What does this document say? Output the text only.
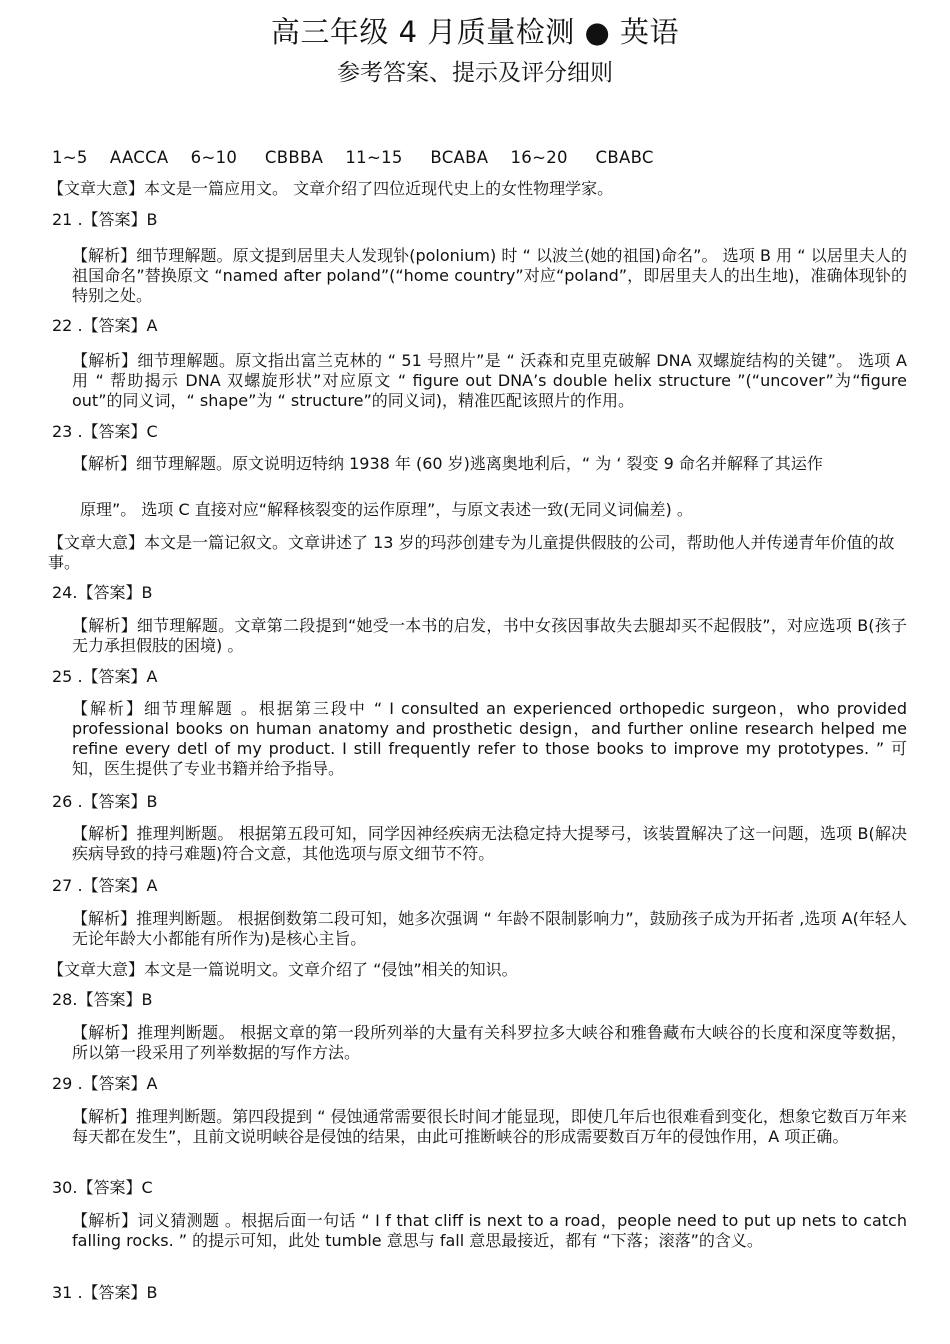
高三年级 4 月质量检测 ● 英语
参考答案、提示及评分细则
1~5    AACCA    6~10     CBBBA    11~15     BCABA    16~20     CBABC
【文章大意】本文是一篇应用文。 文章介绍了四位近现代史上的女性物理学家。
21 .【答案】B
【解析】细节理解题。原文提到居里夫人发现钋(polonium) 时 “ 以波兰(她的祖国)命名”。 选项 B 用 “ 以居里夫人的祖国命名”替换原文 “named after poland”(“home country”对应“poland”，即居里夫人的出生地)，准确体现钋的特别之处。
22 .【答案】A
【解析】细节理解题。原文指出富兰克林的 “ 51 号照片”是 “ 沃森和克里克破解 DNA 双螺旋结构的关键”。 选项 A 用 “ 帮助揭示 DNA 双螺旋形状”对应原文 “ figure out DNA’s double helix structure ”(“uncover”为“figure out”的同义词，“ shape”为 “ structure”的同义词)，精准匹配该照片的作用。
23 .【答案】C
【解析】细节理解题。原文说明迈特纳 1938 年 (60 岁)逃离奥地利后，“ 为 ‘ 裂变 9 命名并解释了其运作
原理”。 选项 C 直接对应“解释核裂变的运作原理”，与原文表述一致(无同义词偏差) 。
【文章大意】本文是一篇记叙文。文章讲述了 13 岁的玛莎创建专为儿童提供假肢的公司，帮助他人并传递青年价值的故事。
24.【答案】B
【解析】细节理解题。文章第二段提到“她受一本书的启发，书中女孩因事故失去腿却买不起假肢”，对应选项 B(孩子无力承担假肢的困境) 。
25 .【答案】A
【解析】细节理解题 。根据第三段中 “ I consulted an experienced orthopedic surgeon，who provided professional books on human anatomy and prosthetic design，and further online research helped me refine every detl of my product. I still frequently refer to those books to improve my prototypes. ” 可知，医生提供了专业书籍并给予指导。
26 .【答案】B
【解析】推理判断题。 根据第五段可知，同学因神经疾病无法稳定持大提琴弓，该装置解决了这一问题，选项 B(解决疾病导致的持弓难题)符合文意，其他选项与原文细节不符。
27 .【答案】A
【解析】推理判断题。 根据倒数第二段可知，她多次强调 “ 年龄不限制影响力”，鼓励孩子成为开拓者 ,选项 A(年轻人无论年龄大小都能有所作为)是核心主旨。
【文章大意】本文是一篇说明文。文章介绍了 “侵蚀”相关的知识。
28.【答案】B
【解析】推理判断题。 根据文章的第一段所列举的大量有关科罗拉多大峡谷和雅鲁藏布大峡谷的长度和深度等数据，所以第一段采用了列举数据的写作方法。
29 .【答案】A
【解析】推理判断题。第四段提到 “ 侵蚀通常需要很长时间才能显现，即使几年后也很难看到变化，想象它数百万年来每天都在发生”，且前文说明峡谷是侵蚀的结果，由此可推断峡谷的形成需要数百万年的侵蚀作用，A 项正确。
30.【答案】C
【解析】词义猜测题 。根据后面一句话 “ I f that cliff is next to a road，people need to put up nets to catch falling rocks. ” 的提示可知，此处 tumble 意思与 fall 意思最接近，都有 “下落；滚落”的含义。
31 .【答案】B
